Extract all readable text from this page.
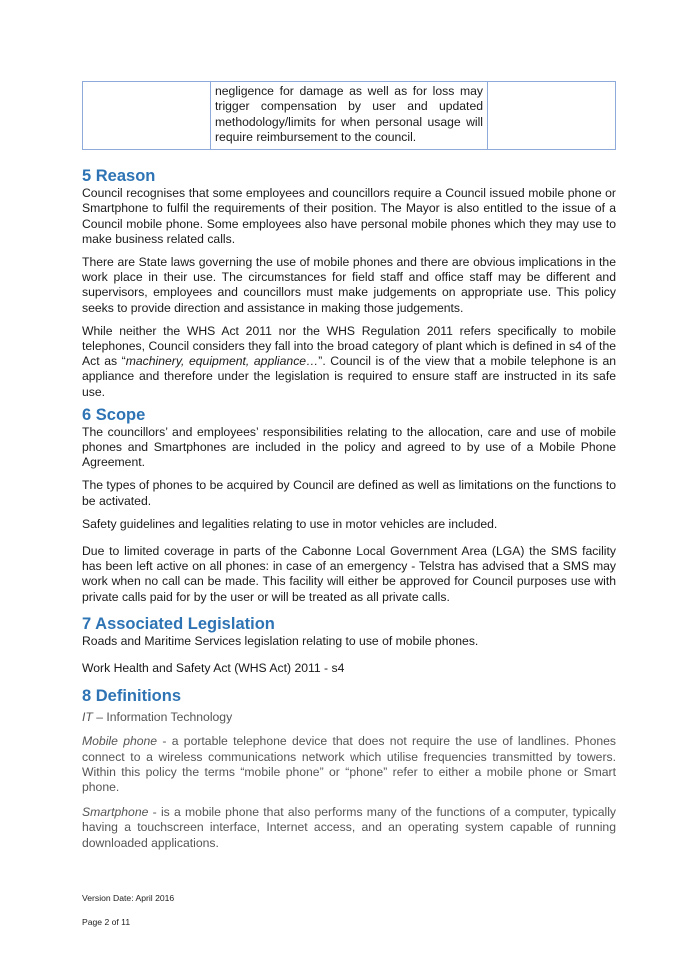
	negligence for damage as well as for loss may trigger compensation by user and updated methodology/limits for when personal usage will require reimbursement to the council.	
5 Reason

Council recognises that some employees and councillors require a Council issued mobile phone or Smartphone to fulfil the requirements of their position. The Mayor is also entitled to the issue of a Council mobile phone. Some employees also have personal mobile phones which they may use to make business related calls.

There are State laws governing the use of mobile phones and there are obvious implications in the work place in their use. The circumstances for field staff and office staff may be different and supervisors, employees and councillors must make judgements on appropriate use. This policy seeks to provide direction and assistance in making those judgements.

While neither the WHS Act 2011 nor the WHS Regulation 2011 refers specifically to mobile telephones, Council considers they fall into the broad category of plant which is defined in s4 of the Act as “machinery, equipment, appliance…”. Council is of the view that a mobile telephone is an appliance and therefore under the legislation is required to ensure staff are instructed in its safe use.

6 Scope

The councillors’ and employees’ responsibilities relating to the allocation, care and use of mobile phones and Smartphones are included in the policy and agreed to by use of a Mobile Phone Agreement.

The types of phones to be acquired by Council are defined as well as limitations on the functions to be activated.

Safety guidelines and legalities relating to use in motor vehicles are included.

Due to limited coverage in parts of the Cabonne Local Government Area (LGA) the SMS facility has been left active on all phones: in case of an emergency - Telstra has advised that a SMS may work when no call can be made. This facility will either be approved for Council purposes use with private calls paid for by the user or will be treated as all private calls.

7 Associated Legislation

Roads and Maritime Services legislation relating to use of mobile phones.

Work Health and Safety Act (WHS Act) 2011 - s4

8 Definitions

IT – Information Technology

Mobile phone - a portable telephone device that does not require the use of landlines. Phones connect to a wireless communications network which utilise frequencies transmitted by towers. Within this policy the terms “mobile phone” or “phone” refer to either a mobile phone or Smart phone.

Smartphone - is a mobile phone that also performs many of the functions of a computer, typically having a touchscreen interface, Internet access, and an operating system capable of running downloaded applications.

Version Date: April 2016
Page 2 of 11
